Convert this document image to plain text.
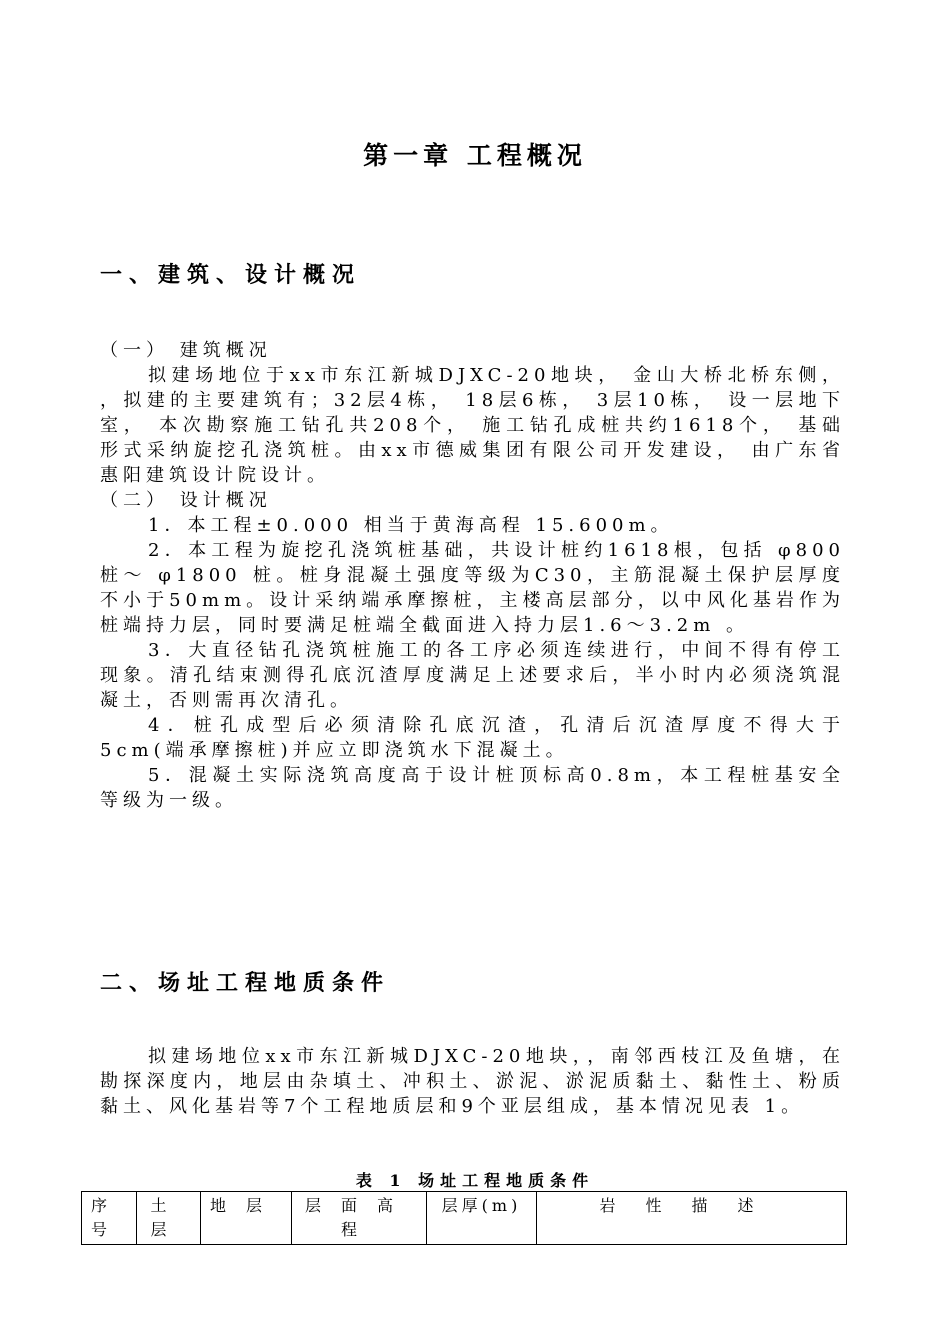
第一章 工程概况
一、建筑、设计概况

（一） 建筑概况

拟建场地位于xx市东江新城DJXC-20地块， 金山大桥北桥东侧， ，拟建的主要建筑有；32层4栋， 18层6栋， 3层10栋， 设一层地下室， 本次勘察施工钻孔共208个， 施工钻孔成桩共约1618个， 基础形式采纳旋挖孔浇筑桩。由xx市德威集团有限公司开发建设， 由广东省惠阳建筑设计院设计。

（二） 设计概况

1．本工程±0.000 相当于黄海高程 15.600m。

2．本工程为旋挖孔浇筑桩基础，共设计桩约1618根，包括 φ800桩～ φ1800 桩。桩身混凝土强度等级为C30，主筋混凝土保护层厚度不小于50mm。设计采纳端承摩擦桩，主楼高层部分，以中风化基岩作为桩端持力层，同时要满足桩端全截面进入持力层1.6～3.2m 。

3．大直径钻孔浇筑桩施工的各工序必须连续进行，中间不得有停工现象。清孔结束测得孔底沉渣厚度满足上述要求后，半小时内必须浇筑混凝土，否则需再次清孔。

4．桩孔成型后必须清除孔底沉渣，孔清后沉渣厚度不得大于5cm(端承摩擦桩)并应立即浇筑水下混凝土。

5．混凝土实际浇筑高度高于设计桩顶标高0.8m，本工程桩基安全等级为一级。

二、场址工程地质条件

拟建场地位xx市东江新城DJXC-20地块，，南邻西枝江及鱼塘，在勘探深度内，地层由杂填土、冲积土、淤泥、淤泥质黏土、黏性土、粉质黏土、风化基岩等7个工程地质层和9个亚层组成，基本情况见表 1。

表 1 场址工程地质条件
序号	土层	地层	层面高程	层厚(m)	岩性描述
